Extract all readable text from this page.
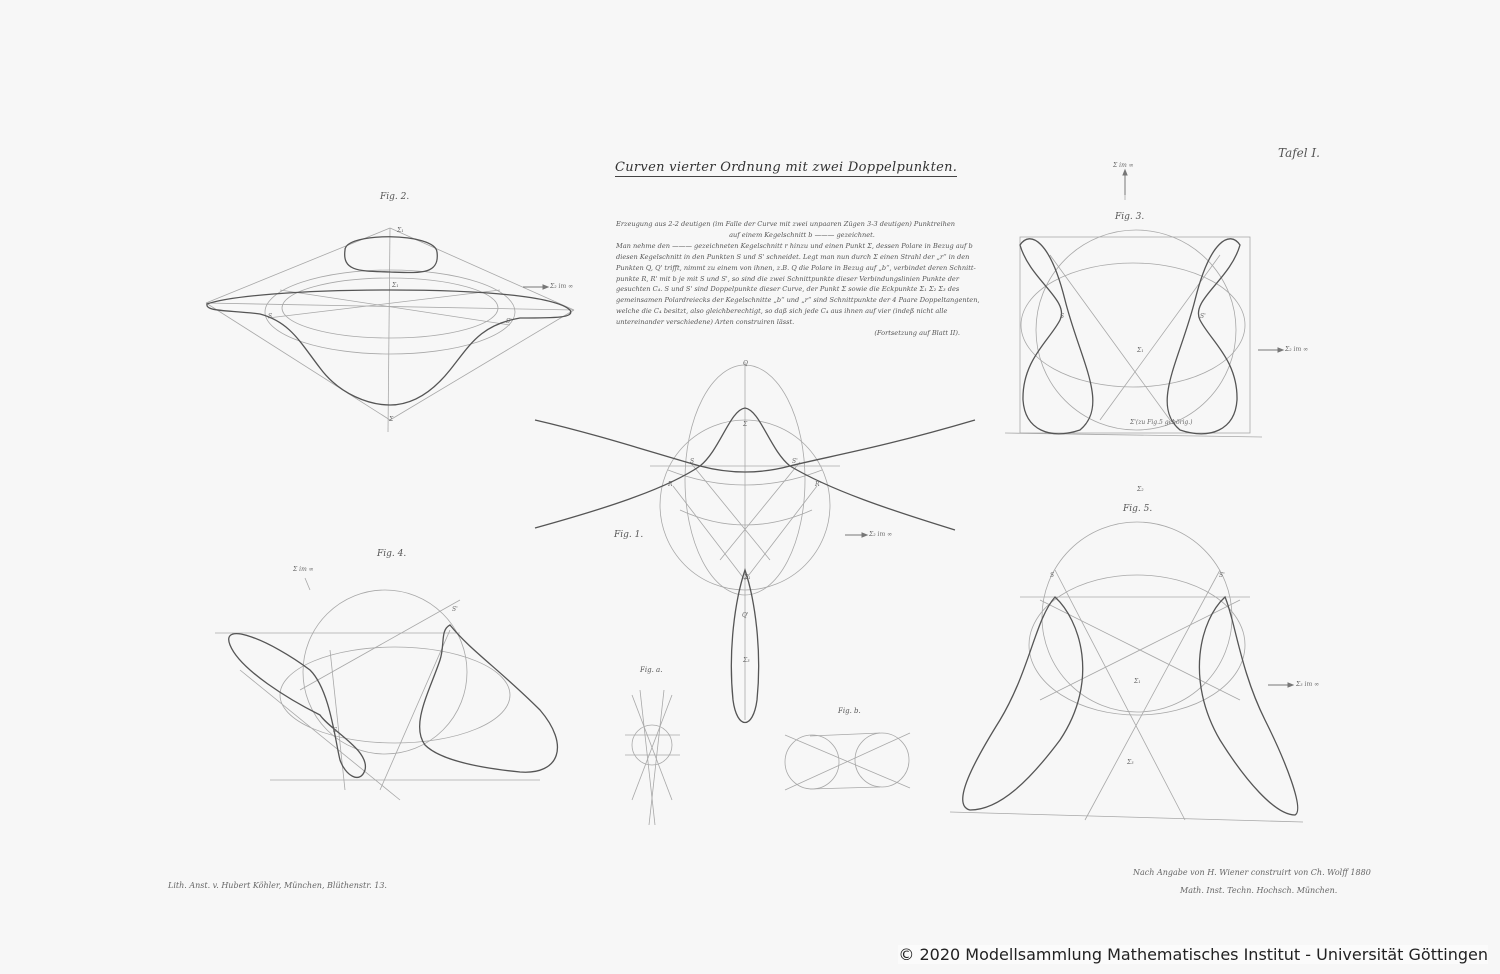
Curven vierter Ordnung mit zwei Doppelpunkten.
Tafel I.
Erzeugung aus 2-2 deutigen (im Falle der Curve mit zwei unpaaren Zügen 3-3 deutigen) Punktreihen
auf einem Kegelschnitt b ——— gezeichnet.
Man nehme den ——— gezeichneten Kegelschnitt r hinzu und einen Punkt Σ, dessen Polare in Bezug auf b
diesen Kegelschnitt in den Punkten S und S' schneidet. Legt man nun durch Σ einen Strahl der „r“ in den
Punkten Q, Q' trifft, nimmt zu einem von ihnen, z.B. Q die Polare in Bezug auf „b“, verbindet deren Schnitt-
punkte R, R' mit b je mit S und S', so sind die zwei Schnittpunkte dieser Verbindungslinien Punkte der
gesuchten C₄. S und S' sind Doppelpunkte dieser Curve, der Punkt Σ sowie die Eckpunkte Σ₁ Σ₂ Σ₃ des
gemeinsamen Polardreiecks der Kegelschnitte „b“ und „r“ sind Schnittpunkte der 4 Paare Doppeltangenten,
welche die C₄ besitzt, also gleichberechtigt, so daß sich jede C₄ aus ihnen auf vier (indeß nicht alle
untereinander verschiedene) Arten construiren lässt.
(Fortsetzung auf Blatt II).
Fig. 2.
Fig. 3.
Fig. 1.
Fig. 4.
Fig. 5.
Fig. a.
Fig. b.
Σ₂ im ∞
Σ₂ im ∞
Σ im ∞
Σ₂ im ∞
Σ im ∞
Σ₃ im ∞
Σ'(zu Fig.5 gehörig.)
Σ₁
Σ₁
S
S'
Σ
Q
Σ
S	S'
R	R'
Σ₁
Q'
Σ₃
S	S'
Σ₁
S'
S
Σ₂
S	S'
Σ₁
Σ₃
Lith. Anst. v. Hubert Köhler, München, Blüthenstr. 13.
Nach Angabe von H. Wiener construirt von Ch. Wolff 1880
Math. Inst. Techn. Hochsch. München.
© 2020 Modellsammlung Mathematisches Institut - Universität Göttingen
